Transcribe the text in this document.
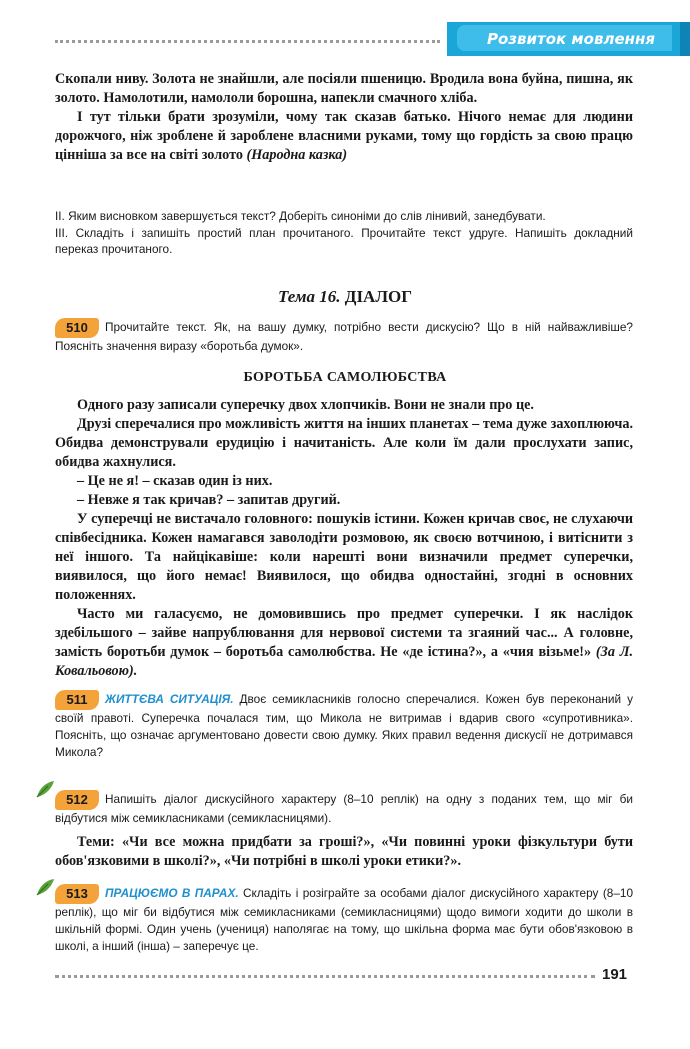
Розвиток мовлення

Скопали ниву. Золота не знайшли, але посіяли пшеницю. Вродила вона буйна, пишна, як золото. Намолотили, намололи борошна, напекли смачного хліба.

І тут тільки брати зрозуміли, чому так сказав батько. Нічого немає для людини дорожчого, ніж зроблене й зароблене власними руками, тому що гордість за свою працю цінніша за все на світі золото (Народна казка)

ІІ. Яким висновком завершується текст? Доберіть синоніми до слів лінивий, занедбувати.

ІІІ. Складіть і запишіть простий план прочитаного. Прочитайте текст удруге. Напишіть докладний переказ прочитаного.

Тема 16. ДІАЛОГ

510 Прочитайте текст. Як, на вашу думку, потрібно вести дискусію? Що в ній найважливіше? Поясніть значення виразу «боротьба думок».

БОРОТЬБА САМОЛЮБСТВА

Одного разу записали суперечку двох хлопчиків. Вони не знали про це.

Друзі сперечалися про можливість життя на інших планетах – тема дуже захоплююча. Обидва демонстрували ерудицію і начитаність. Але коли їм дали прослухати запис, обидва жахнулися.

– Це не я! – сказав один із них.

– Невже я так кричав? – запитав другий.

У суперечці не вистачало головного: пошуків істини. Кожен кричав своє, не слухаючи співбесідника. Кожен намагався заволодіти розмовою, як своєю вотчиною, і витіснити з неї іншого. Та найцікавіше: коли нарешті вони визначили предмет суперечки, виявилося, що його немає! Виявилося, що обидва одностайні, згодні в основних положеннях.

Часто ми галасуємо, не домовившись про предмет суперечки. І як наслідок здебільшого – зайве напрублювання для нервової системи та згаяний час... А головне, замість боротьби думок – боротьба самолюбства. Не «де істина?», а «чия візьме!» (За Л. Ковальовою).

511 ЖИТТЄВА СИТУАЦІЯ. Двоє семикласників голосно сперечалися. Кожен був переконаний у своїй правоті. Суперечка почалася тим, що Микола не витримав і вдарив свого «супротивника». Поясніть, що означає аргументовано довести свою думку. Яких правил ведення дискусії не дотримався Микола?

512 Напишіть діалог дискусійного характеру (8–10 реплік) на одну з поданих тем, що міг би відбутися між семикласниками (семикласницями).

Теми: «Чи все можна придбати за гроші?», «Чи повинні уроки фізкультури бути обов'язковими в школі?», «Чи потрібні в школі уроки етики?».

513 ПРАЦЮЄМО В ПАРАХ. Складіть і розіграйте за особами діалог дискусійного характеру (8–10 реплік), що міг би відбутися між семикласниками (семикласницями) щодо вимоги ходити до школи в шкільній формі. Один учень (учениця) наполягає на тому, що шкільна форма має бути обов'язковою в школі, а інший (інша) – заперечує це.

191
